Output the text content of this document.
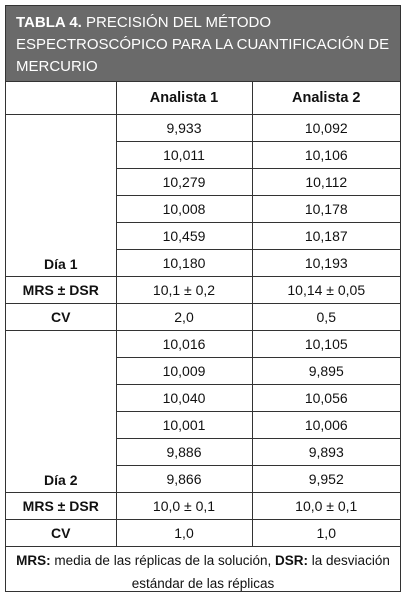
TABLA 4. PRECISIÓN DEL MÉTODO ESPECTROSCÓPICO PARA LA CUANTIFICACIÓN DE MERCURIO
	Analista 1	Analista 2
Día 1	9,933	10,092
	10,011	10,106
	10,279	10,112
	10,008	10,178
	10,459	10,187
	10,180	10,193
MRS ± DSR	10,1 ± 0,2	10,14 ± 0,05
CV	2,0	0,5
Día 2	10,016	10,105
	10,009	9,895
	10,040	10,056
	10,001	10,006
	9,886	9,893
	9,866	9,952
MRS ± DSR	10,0 ± 0,1	10,0 ± 0,1
CV	1,0	1,0
MRS: media de las réplicas de la solución, DSR: la desviación estándar de las réplicas
